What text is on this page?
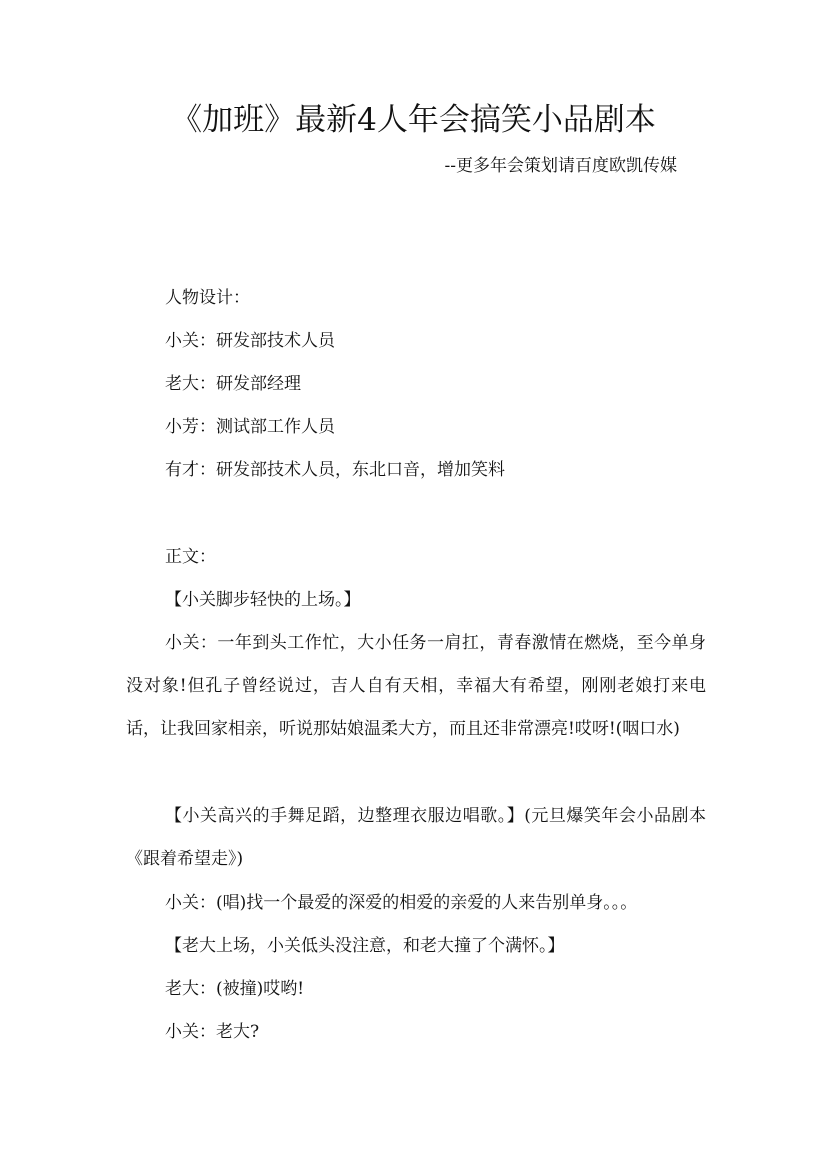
《加班》最新4人年会搞笑小品剧本
--更多年会策划请百度欧凯传媒
人物设计：
小关：研发部技术人员
老大：研发部经理
小芳：测试部工作人员
有才：研发部技术人员，东北口音，增加笑料
正文：
【小关脚步轻快的上场。】
小关：一年到头工作忙，大小任务一肩扛，青春激情在燃烧，至今单身没对象!但孔子曾经说过，吉人自有天相，幸福大有希望，刚刚老娘打来电话，让我回家相亲，听说那姑娘温柔大方，而且还非常漂亮!哎呀!(咽口水)
【小关高兴的手舞足蹈，边整理衣服边唱歌。】(元旦爆笑年会小品剧本《跟着希望走》)
小关：(唱)找一个最爱的深爱的相爱的亲爱的人来告别单身。。。
【老大上场，小关低头没注意，和老大撞了个满怀。】
老大：(被撞)哎哟!
小关：老大?
